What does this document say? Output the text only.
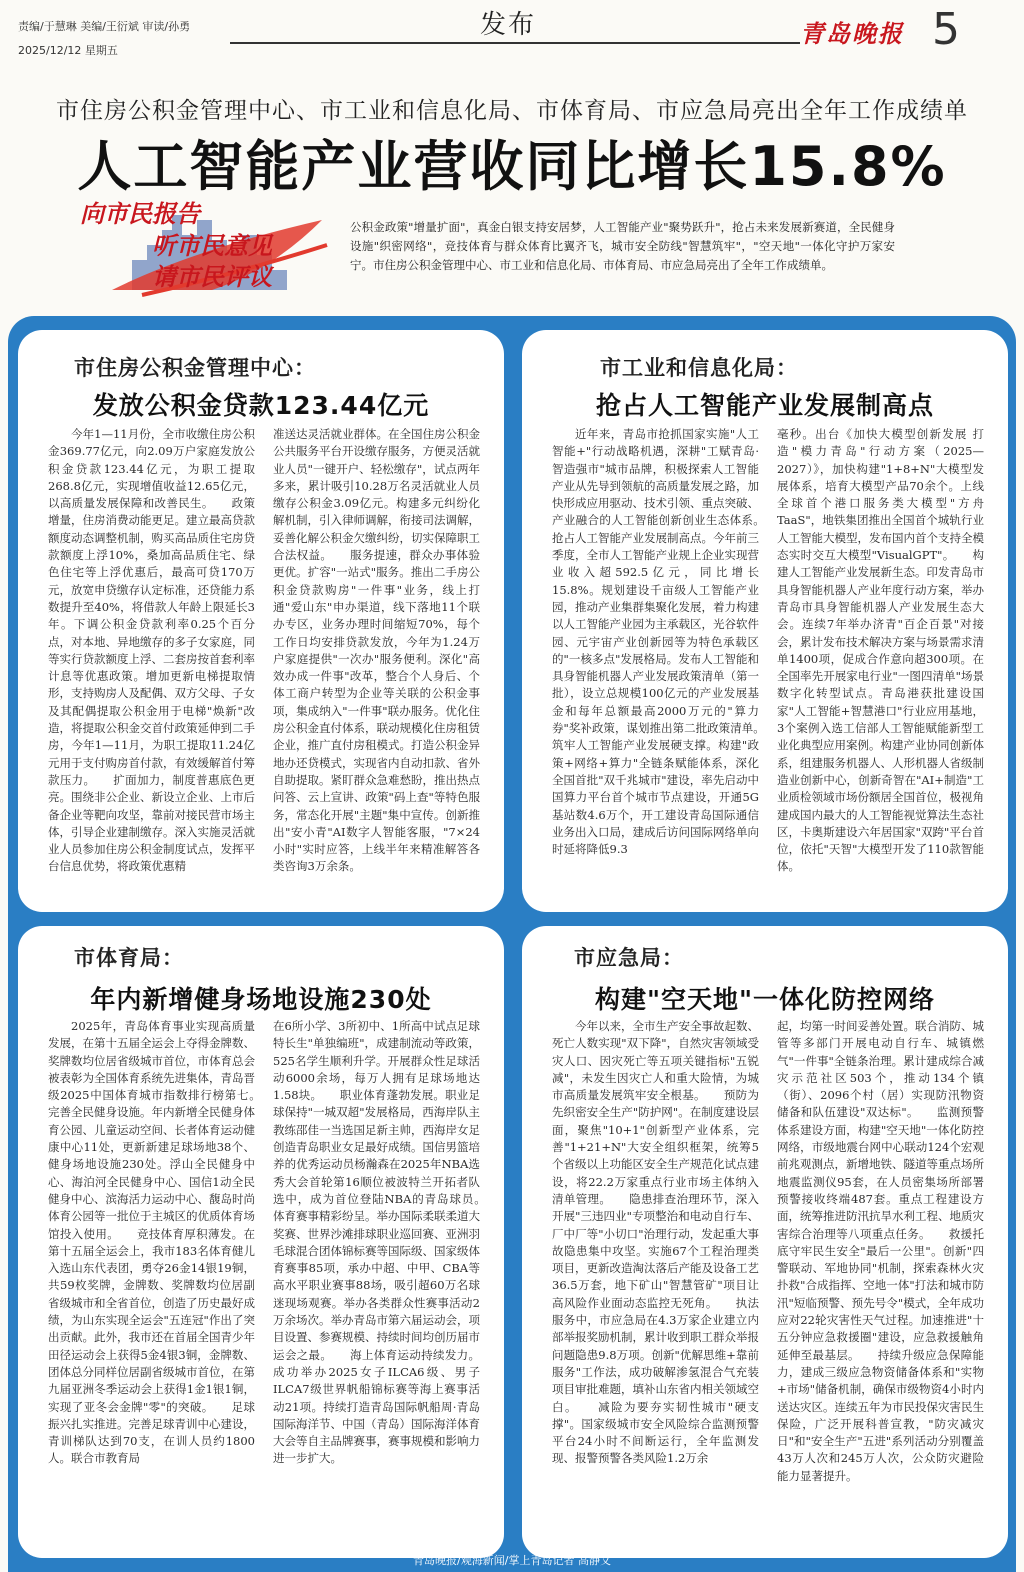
责编/于慧琳 美编/王衍斌 审读/孙勇
2025/12/12 星期五
发布	青岛晚报 5
市住房公积金管理中心、市工业和信息化局、市体育局、市应急局亮出全年工作成绩单
人工智能产业营收同比增长15.8%
向市民报告
听市民意见
请市民评议
公积金政策"增量扩面"，真金白银支持安居梦，人工智能产业"聚势跃升"，抢占未来发展新赛道，全民健身设施"织密网络"，竞技体育与群众体育比翼齐飞，城市安全防线"智慧筑牢"，"空天地"一体化守护万家安宁。市住房公积金管理中心、市工业和信息化局、市体育局、市应急局亮出了全年工作成绩单。
市住房公积金管理中心：
发放公积金贷款123.44亿元

今年1—11月份，全市收缴住房公积金369.77亿元，向2.09万户家庭发放公积金贷款123.44亿元，为职工提取268.8亿元，实现增值收益12.65亿元，以高质量发展保障和改善民生。　　政策增量，住房消费动能更足。建立最高贷款额度动态调整机制，购买高品质住宅房贷款额度上浮10%，桑加高品质住宅、绿色住宅等上浮优惠后，最高可贷170万元，放宽申贷缴存认定标准，还贷能力系数提升至40%，将借款人年龄上限延长3年。下调公积金贷款利率0.25个百分点，对本地、异地缴存的多子女家庭，同等实行贷款额度上浮、二套房按首套利率计息等优惠政策。增加更新电梯提取情形，支持购房人及配偶、双方父母、子女及其配偶提取公积金用于电梯"焕新"改造，将提取公积金交首付政策延伸到二手房，今年1—11月，为职工提取11.24亿元用于支付购房首付款，有效缓解首付筹款压力。　　扩面加力，制度普惠底色更亮。围绕非公企业、新设立企业、上市后备企业等靶向攻坚，靠前对接民营市场主体，引导企业建制缴存。深入实施灵活就业人员参加住房公积金制度试点，发挥平台信息优势，将政策优惠精

准送达灵活就业群体。在全国住房公积金公共服务平台开设缴存服务，方便灵活就业人员"一键开户、轻松缴存"，试点两年多来，累计吸引10.28万名灵活就业人员缴存公积金3.09亿元。构建多元纠纷化解机制，引入律师调解，衔接司法调解，妥善化解公积金欠缴纠纷，切实保障职工合法权益。　　服务提速，群众办事体验更优。扩容"一站式"服务。推出二手房公积金贷款购房"一件事"业务，线上打通"爱山东"申办渠道，线下落地11个联办专区，业务办理时间缩短70%，每个工作日均安排贷款发放，今年为1.24万户家庭提供"一次办"服务便利。深化"高效办成一件事"改革，整合个人身后、个体工商户转型为企业等关联的公积金事项，集成纳入"一件事"联办服务。优化住房公积金直付体系，联动规模化住房租赁企业，推广直付房租模式。打造公积金异地办还贷模式，实现省内自动扣款、省外自助提取。紧盯群众急难愁盼，推出热点问答、云上宣讲、政策"码上查"等特色服务，常态化开展"主题"集中宣传。创新推出"安小青"AI数字人智能客服，"7×24小时"实时应答，上线半年来精准解答各类咨询3万余条。

市工业和信息化局：
抢占人工智能产业发展制高点

近年来，青岛市抢抓国家实施"人工智能+"行动战略机遇，深耕"工赋青岛·智造强市"城市品牌，积极探索人工智能产业从先导到领航的高质量发展之路，加快形成应用驱动、技术引领、重点突破、产业融合的人工智能创新创业生态体系。　　抢占人工智能产业发展制高点。今年前三季度，全市人工智能产业规上企业实现营业收入超592.5亿元，同比增长15.8%。规划建设千亩级人工智能产业园，推动产业集群集聚化发展，着力构建以人工智能产业园为主承载区，光谷软件园、元宇宙产业创新园等为特色承载区的"一核多点"发展格局。发布人工智能和具身智能机器人产业发展政策清单（第一批），设立总规模100亿元的产业发展基金和每年总额最高2000万元的"算力券"奖补政策，谋划推出第二批政策清单。　　筑牢人工智能产业发展硬支撑。构建"政策+网络+算力"全链条赋能体系，深化全国首批"双千兆城市"建设，率先启动中国算力平台首个城市节点建设，开通5G基站数4.6万个，开工建设青岛国际通信业务出入口局，建成后访问国际网络单向时延将降低9.3

毫秒。出台《加快大模型创新发展 打造"模力青岛"行动方案（2025—2027）》，加快构建"1+8+N"大模型发展体系，培育大模型产品70余个。上线全球首个港口服务类大模型"方舟TaaS"，地铁集团推出全国首个城轨行业人工智能大模型，发布国内首个支持全模态实时交互大模型"VisualGPT"。　　构建人工智能产业发展新生态。印发青岛市具身智能机器人产业年度行动方案，举办青岛市具身智能机器人产业发展生态大会。连续7年举办济青"百企百景"对接会，累计发布技术解决方案与场景需求清单1400项，促成合作意向超300项。在全国率先开展家电行业"一图四清单"场景数字化转型试点。青岛港获批建设国家"人工智能+智慧港口"行业应用基地，3个案例入选工信部人工智能赋能新型工业化典型应用案例。构建产业协同创新体系，组建服务机器人、人形机器人省级制造业创新中心，创新奇智在"AI+制造"工业质检领域市场份额居全国首位，极视角建成国内最大的人工智能视觉算法生态社区，卡奥斯建设六年居国家"双跨"平台首位，依托"天智"大模型开发了110款智能体。

市体育局：
年内新增健身场地设施230处

2025年，青岛体育事业实现高质量发展，在第十五届全运会上夺得金牌数、奖牌数均位居省级城市首位，市体育总会被表彰为全国体育系统先进集体，青岛晋级2025中国体育城市指数排行榜第七。　　完善全民健身设施。年内新增全民健身体育公园、儿童运动空间、长者体育运动健康中心11处，更新新建足球场地38个、健身场地设施230处。浮山全民健身中心、海泊河全民健身中心、国信1动全民健身中心、滨海活力运动中心、馥岛时尚体育公园等一批位于主城区的优质体育场馆投入使用。　　竞技体育厚积薄发。在第十五届全运会上，我市183名体育健儿入选山东代表团，勇夺26金14银19铜，共59枚奖牌，金牌数、奖牌数均位居副省级城市和全省首位，创造了历史最好成绩，为山东实现全运会"五连冠"作出了突出贡献。此外，我市还在首届全国青少年田径运动会上获得5金4银3铜，金牌数、团体总分同样位居副省级城市首位，在第九届亚洲冬季运动会上获得1金1银1铜，实现了亚冬会金牌"零"的突破。　　足球振兴扎实推进。完善足球青训中心建设，青训梯队达到70支，在训人员约1800人。联合市教育局

在6所小学、3所初中、1所高中试点足球特长生"单独编班"，成建制流动等政策，525名学生顺利升学。开展群众性足球活动6000余场，每万人拥有足球场地达1.58块。　　职业体育蓬勃发展。职业足球保持"一城双超"发展格局，西海岸队主教练邵佳一当选国足新主帅，西海岸女足创造青岛职业女足最好成绩。国信男篮培养的优秀运动员杨瀚森在2025年NBA选秀大会首轮第16顺位被波特兰开拓者队选中，成为首位登陆NBA的青岛球员。　　体育赛事精彩纷呈。举办国际柔联柔道大奖赛、世界沙滩排球职业巡回赛、亚洲羽毛球混合团体锦标赛等国际级、国家级体育赛事85项，承办中超、中甲、CBA等高水平职业赛事88场，吸引超60万名球迷现场观赛。举办各类群众性赛事活动2万余场次。举办青岛市第六届运动会，项目设置、参赛规模、持续时间均创历届市运会之最。　　海上体育运动持续发力。成功举办2025女子ILCA6级、男子ILCA7级世界帆船锦标赛等海上赛事活动21项。持续打造青岛国际帆船周·青岛国际海洋节、中国（青岛）国际海洋体育大会等自主品牌赛事，赛事规模和影响力进一步扩大。

市应急局：
构建"空天地"一体化防控网络

今年以来，全市生产安全事故起数、死亡人数实现"双下降"，自然灾害领域受灾人口、因灾死亡等五项关键指标"五锐减"，未发生因灾亡人和重大险情，为城市高质量发展筑牢安全根基。　　预防为先织密安全生产"防护网"。在制度建设层面，聚焦"10+1"创新型产业体系，完善"1+21+N"大安全组织框架，统筹5个省级以上功能区安全生产规范化试点建设，将22.2万家重点行业市场主体纳入清单管理。　　隐患排查治理环节，深入开展"三违四业"专项整治和电动自行车、厂中厂等"小切口"治理行动，发起重大事故隐患集中攻坚。实施67个工程治理类项目，更新改造淘汰落后产能及设备工艺36.5万套，地下矿山"智慧管矿"项目让高风险作业面动态监控无死角。　　执法服务中，市应急局在4.3万家企业建立内部举报奖励机制，累计收到职工群众举报问题隐患9.8万项。创新"优解思维+靠前服务"工作法，成功破解渗氢混合气充装项目审批难题，填补山东省内相关领域空白。　　减险为要夯实韧性城市"硬支撑"。国家级城市安全风险综合监测预警平台24小时不间断运行，全年监测发现、报警预警各类风险1.2万余

起，均第一时间妥善处置。联合消防、城管等多部门开展电动自行车、城镇燃气"一件事"全链条治理。累计建成综合减灾示范社区503个，推动134个镇（街）、2096个村（居）实现防汛物资储备和队伍建设"双达标"。　　监测预警体系建设方面，构建"空天地"一体化防控网络，市级地震台网中心联动124个宏观前兆观测点，新增地铁、隧道等重点场所地震监测仪95套，在人员密集场所部署预警接收终端487套。重点工程建设方面，统筹推进防汛抗旱水利工程、地质灾害综合治理等八项重点任务。　　救援托底守牢民生安全"最后一公里"。创新"四警联动、军地协同"机制，探索森林火灾扑救"合成指挥、空地一体"打法和城市防汛"短临预警、预先号令"模式，全年成功应对22轮灾害性天气过程。加速推进"十五分钟应急救援圈"建设，应急救援触角延伸至最基层。　　持续升级应急保障能力，建成三级应急物资储备体系和"实物+市场"储备机制，确保市级物资4小时内送达灾区。连续五年为市民投保灾害民生保险，广泛开展科普宣教，"防灾减灾日"和"安全生产"五进"系列活动分别覆盖43万人次和245万人次，公众防灾避险能力显著提升。

青岛晚报/观海新闻/掌上青岛记者 高静文
